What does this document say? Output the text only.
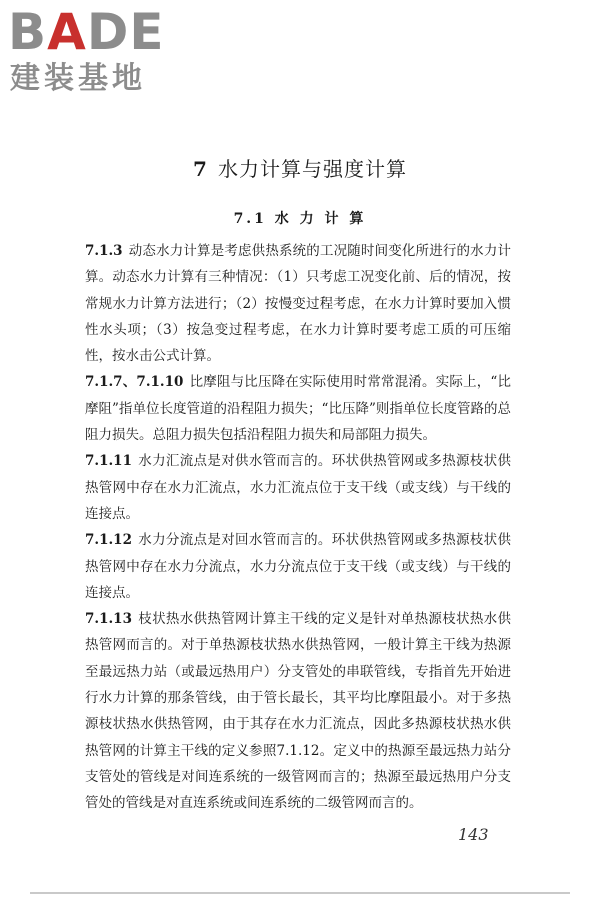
BADE
建装基地
7 水力计算与强度计算
7.1 水 力 计 算

7.1.3 动态水力计算是考虑供热系统的工况随时间变化所进行的水力计算。动态水力计算有三种情况：（1）只考虑工况变化前、后的情况，按常规水力计算方法进行；（2）按慢变过程考虑，在水力计算时要加入惯性水头项；（3）按急变过程考虑，在水力计算时要考虑工质的可压缩性，按水击公式计算。

7.1.7、7.1.10 比摩阻与比压降在实际使用时常常混淆。实际上，“比摩阻”指单位长度管道的沿程阻力损失；“比压降”则指单位长度管路的总阻力损失。总阻力损失包括沿程阻力损失和局部阻力损失。

7.1.11 水力汇流点是对供水管而言的。环状供热管网或多热源枝状供热管网中存在水力汇流点，水力汇流点位于支干线（或支线）与干线的连接点。

7.1.12 水力分流点是对回水管而言的。环状供热管网或多热源枝状供热管网中存在水力分流点，水力分流点位于支干线（或支线）与干线的连接点。

7.1.13 枝状热水供热管网计算主干线的定义是针对单热源枝状热水供热管网而言的。对于单热源枝状热水供热管网，一般计算主干线为热源至最远热力站（或最远热用户）分支管处的串联管线，专指首先开始进行水力计算的那条管线，由于管长最长，其平均比摩阻最小。对于多热源枝状热水供热管网，由于其存在水力汇流点，因此多热源枝状热水供热管网的计算主干线的定义参照7.1.12。定义中的热源至最远热力站分支管处的管线是对间连系统的一级管网而言的；热源至最远热用户分支管处的管线是对直连系统或间连系统的二级管网而言的。

143
